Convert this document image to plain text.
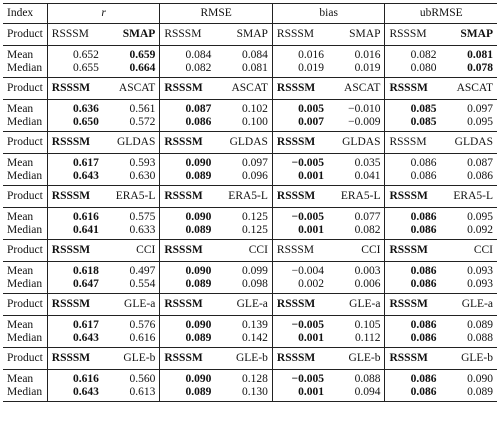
Index	r		RMSE		bias		ubRMSE	
Product	RSSSM	SMAP	RSSSM	SMAP	RSSSM	SMAP	RSSSM	SMAP
Mean	0.652	0.659	0.084	0.084	0.016	0.016	0.082	0.081
Median	0.655	0.664	0.082	0.081	0.019	0.019	0.080	0.078
Product	RSSSM	ASCAT	RSSSM	ASCAT	RSSSM	ASCAT	RSSSM	ASCAT
Mean	0.636	0.561	0.087	0.102	0.005	−0.010	0.085	0.097
Median	0.650	0.572	0.086	0.100	0.007	−0.009	0.085	0.095
Product	RSSSM	GLDAS	RSSSM	GLDAS	RSSSM	GLDAS	RSSSM	GLDAS
Mean	0.617	0.593	0.090	0.097	−0.005	0.035	0.086	0.087
Median	0.643	0.630	0.089	0.096	0.001	0.041	0.086	0.086
Product	RSSSM	ERA5-L	RSSSM	ERA5-L	RSSSM	ERA5-L	RSSSM	ERA5-L
Mean	0.616	0.575	0.090	0.125	−0.005	0.077	0.086	0.095
Median	0.641	0.633	0.089	0.125	0.001	0.082	0.086	0.092
Product	RSSSM	CCI	RSSSM	CCI	RSSSM	CCI	RSSSM	CCI
Mean	0.618	0.497	0.090	0.099	−0.004	0.003	0.086	0.093
Median	0.647	0.554	0.089	0.098	0.002	0.006	0.086	0.093
Product	RSSSM	GLE-a	RSSSM	GLE-a	RSSSM	GLE-a	RSSSM	GLE-a
Mean	0.617	0.576	0.090	0.139	−0.005	0.105	0.086	0.089
Median	0.643	0.616	0.089	0.142	0.001	0.112	0.086	0.088
Product	RSSSM	GLE-b	RSSSM	GLE-b	RSSSM	GLE-b	RSSSM	GLE-b
Mean	0.616	0.560	0.090	0.128	−0.005	0.088	0.086	0.090
Median	0.643	0.613	0.089	0.130	0.001	0.094	0.086	0.089
